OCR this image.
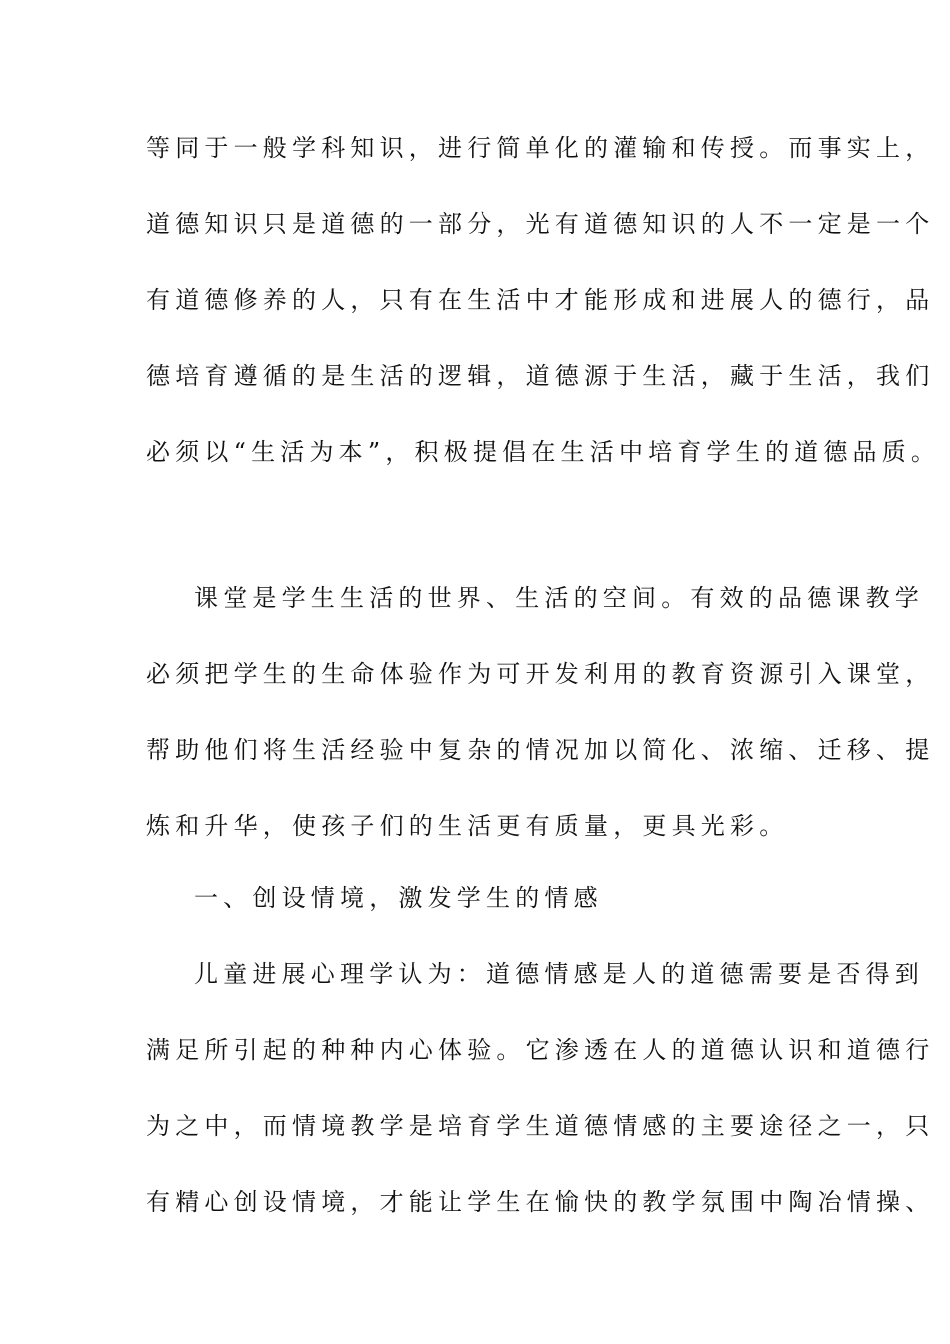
等同于一般学科知识，进行简单化的灌输和传授。而事实上，
道德知识只是道德的一部分，光有道德知识的人不一定是一个
有道德修养的人，只有在生活中才能形成和进展人的德行，品
德培育遵循的是生活的逻辑，道德源于生活，藏于生活，我们
必须以“生活为本”，积极提倡在生活中培育学生的道德品质。
课堂是学生生活的世界、生活的空间。有效的品德课教学
必须把学生的生命体验作为可开发利用的教育资源引入课堂，
帮助他们将生活经验中复杂的情况加以简化、浓缩、迁移、提
炼和升华，使孩子们的生活更有质量，更具光彩。
一、创设情境，激发学生的情感
儿童进展心理学认为：道德情感是人的道德需要是否得到
满足所引起的种种内心体验。它渗透在人的道德认识和道德行
为之中，而情境教学是培育学生道德情感的主要途径之一，只
有精心创设情境，才能让学生在愉快的教学氛围中陶冶情操、
